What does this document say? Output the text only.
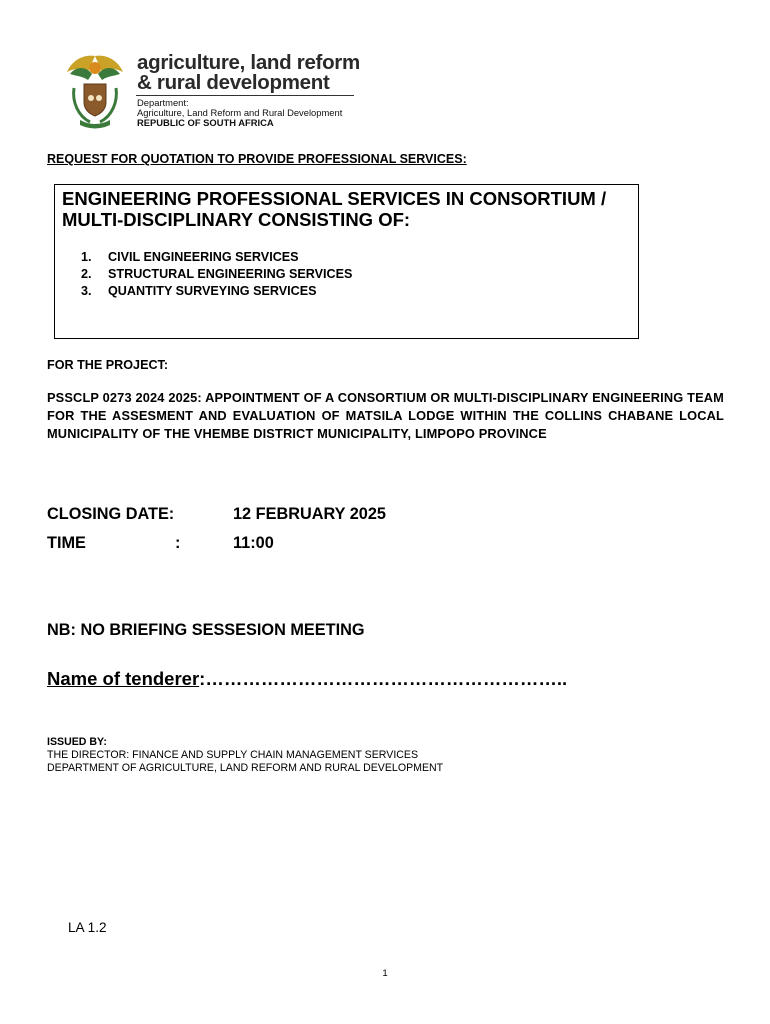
agriculture, land reform
& rural development
Department:
Agriculture, Land Reform and Rural Development
REPUBLIC OF SOUTH AFRICA
REQUEST FOR QUOTATION TO PROVIDE PROFESSIONAL SERVICES:
ENGINEERING PROFESSIONAL SERVICES IN CONSORTIUM / MULTI-DISCIPLINARY CONSISTING OF:
1. CIVIL ENGINEERING SERVICES
2. STRUCTURAL ENGINEERING SERVICES
3. QUANTITY SURVEYING SERVICES
FOR THE PROJECT:
PSSCLP 0273 2024 2025: APPOINTMENT OF A CONSORTIUM OR MULTI-DISCIPLINARY ENGINEERING TEAM FOR THE ASSESMENT AND EVALUATION OF MATSILA LODGE WITHIN THE COLLINS CHABANE LOCAL MUNICIPALITY OF THE VHEMBE DISTRICT MUNICIPALITY, LIMPOPO PROVINCE
CLOSING DATE:	12 FEBRUARY 2025
TIME	:	11:00
NB: NO BRIEFING SESSESION MEETING
Name of tenderer:…………………………………………………..
ISSUED BY:
THE DIRECTOR: FINANCE AND SUPPLY CHAIN MANAGEMENT SERVICES
DEPARTMENT OF AGRICULTURE, LAND REFORM AND RURAL DEVELOPMENT
LA 1.2
1
